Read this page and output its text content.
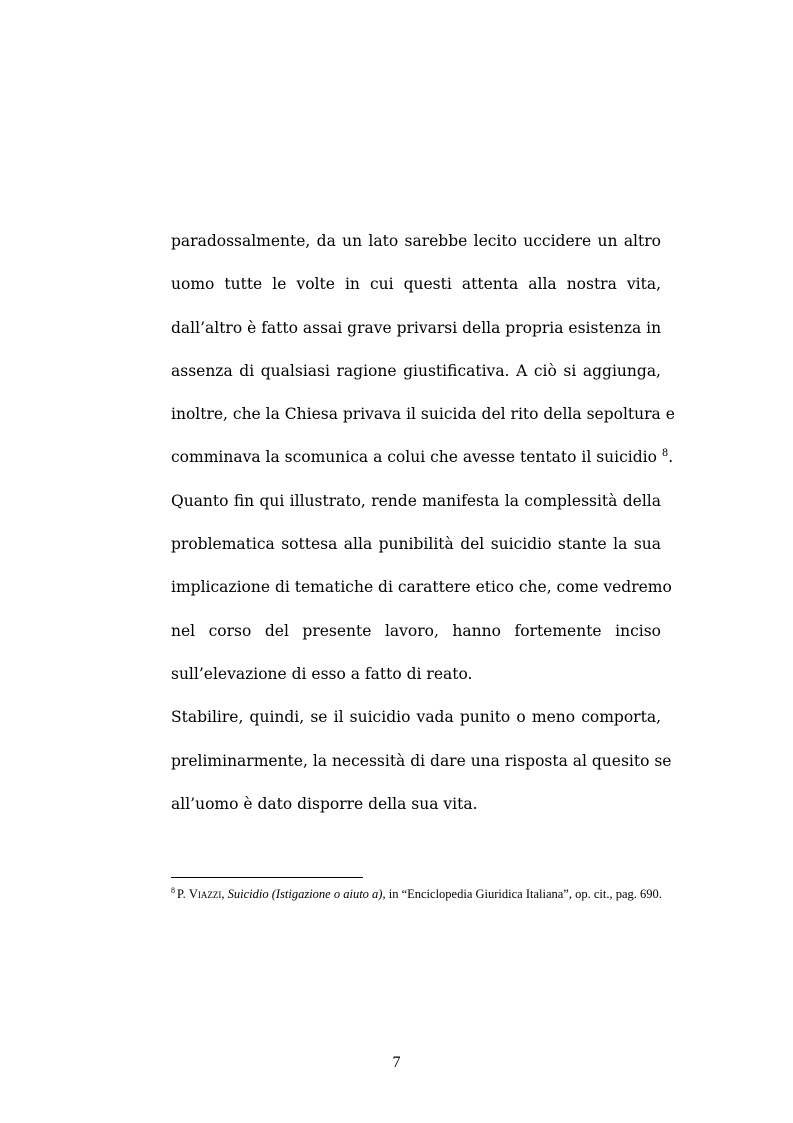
paradossalmente, da un lato sarebbe lecito uccidere un altro
uomo tutte le volte in cui questi attenta alla nostra vita,
dall’altro è fatto assai grave privarsi della propria esistenza in
assenza di qualsiasi ragione giustificativa. A ciò si aggiunga,
inoltre, che la Chiesa privava il suicida del rito della sepoltura e
comminava la scomunica a colui che avesse tentato il suicidio $^8$.
Quanto fin qui illustrato, rende manifesta la complessità della
problematica sottesa alla punibilità del suicidio stante la sua
implicazione di tematiche di carattere etico che, come vedremo
nel corso del presente lavoro, hanno fortemente inciso
sull’elevazione di esso a fatto di reato.
Stabilire, quindi, se il suicidio vada punito o meno comporta,
preliminarmente, la necessità di dare una risposta al quesito se
all’uomo è dato disporre della sua vita.
$^8$ P. Viazzi, Suicidio (Istigazione o aiuto a), in “Enciclopedia Giuridica Italiana”, op. cit., pag. 690.
7
